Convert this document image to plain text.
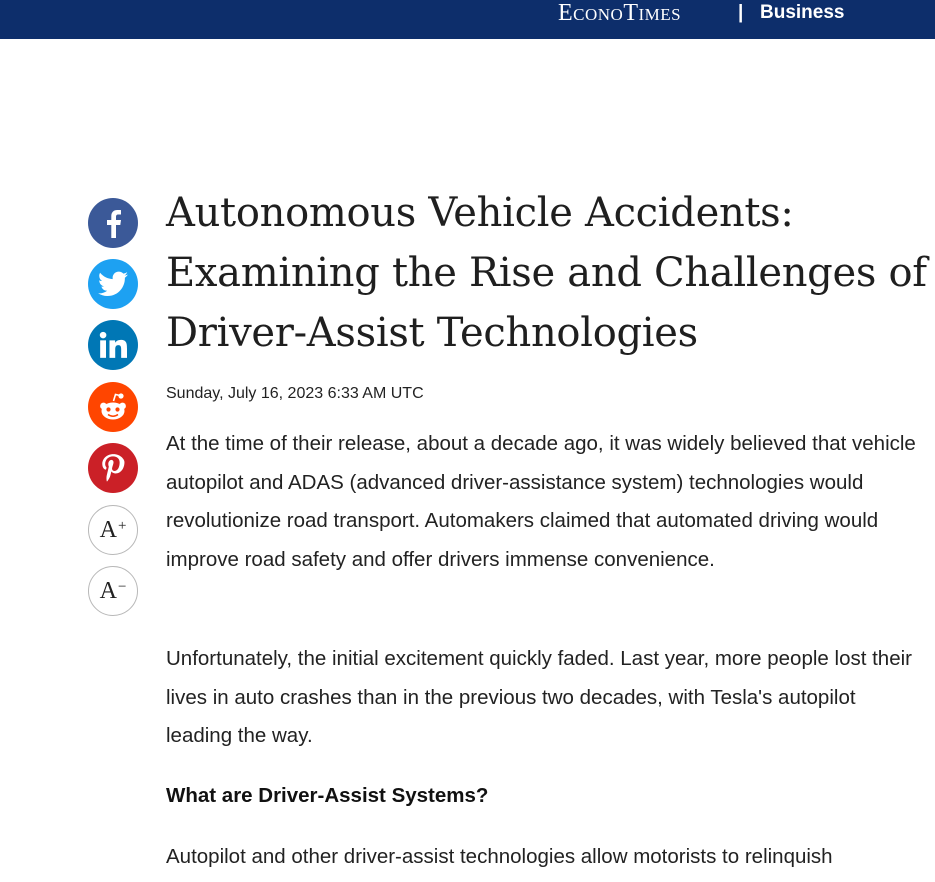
EconoTimes	| Business
A+
A−
Autonomous Vehicle Accidents: Examining the Rise and Challenges of Driver-Assist Technologies

Sunday, July 16, 2023 6:33 AM UTC

At the time of their release, about a decade ago, it was widely believed that vehicle autopilot and ADAS (advanced driver-assistance system) technologies would revolutionize road transport. Automakers claimed that automated driving would improve road safety and offer drivers immense convenience.

Unfortunately, the initial excitement quickly faded. Last year, more people lost their lives in auto crashes than in the previous two decades, with Tesla's autopilot leading the way.

What are Driver-Assist Systems?

Autopilot and other driver-assist technologies allow motorists to relinquish
